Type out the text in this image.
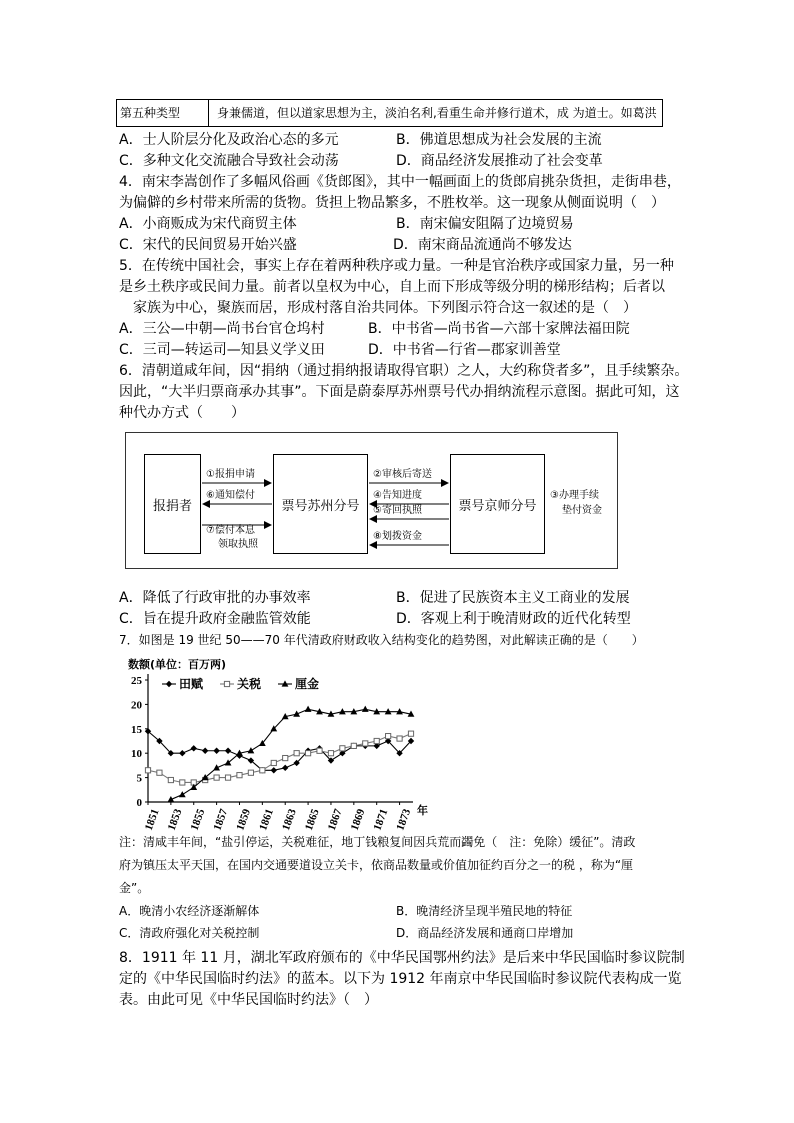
第五种类型	身兼儒道，但以道家思想为主，淡泊名利,看重生命并修行道术，成 为道士。如葛洪
A．士人阶层分化及政治心态的多元	B．佛道思想成为社会发展的主流
C．多种文化交流融合导致社会动荡	D．商品经济发展推动了社会变革
4．南宋李嵩创作了多幅风俗画《货郎图》，其中一幅画面上的货郎肩挑杂货担，走街串巷，
为偏僻的乡村带来所需的货物。货担上物品繁多，不胜枚举。这一现象从侧面说明（　）
A．小商贩成为宋代商贸主体	B．南宋偏安阻隔了边境贸易
C．宋代的民间贸易开始兴盛	D．南宋商品流通尚不够发达
5．在传统中国社会，事实上存在着两种秩序或力量。一种是官治秩序或国家力量，另一种
是乡土秩序或民间力量。前者以皇权为中心，自上而下形成等级分明的梯形结构；后者以
家族为中心，聚族而居，形成村落自治共同体。下列图示符合这一叙述的是（　）
A．三公—中朝—尚书台官仓坞村	B．中书省—尚书省—六部十家牌法福田院
C．三司—转运司—知县义学义田	D．中书省—行省—郡家训善堂
6．清朝道咸年间，因“捐纳（通过捐纳报请取得官职）之人，大约称贷者多”，且手续繁杂。
因此，“大半归票商承办其事”。下面是蔚泰厚苏州票号代办捐纳流程示意图。据此可知，这
种代办方式（　　）
报捐者	票号苏州分号	票号京师分号
①报捐申请
⑥通知偿付
⑦偿付本息
领取执照
②审核后寄送
④告知进度
⑤寄回执照
⑧划拨资金
③办理手续
垫付资金
A．降低了行政审批的办事效率	B．促进了民族资本主义工商业的发展
C．旨在提升政府金融监管效能	D．客观上利于晚清财政的近代化转型
7．如图是 19 世纪 50——70 年代清政府财政收入结构变化的趋势图，对此解读正确的是（　　）
0
5
10
15
20
25
1851 1853 1855 1857 1859 1861 1863 1865 1867 1869 1871 1873
数额(单位：百万两)
年
田赋	关税	厘金
注：清咸丰年间，“盐引停运，关税难征，地丁钱粮复间因兵荒而蠲免（　注：免除）缓征”。清政
府为镇压太平天国，在国内交通要道设立关卡，依商品数量或价值加征约百分之一的税 ，称为“厘
金”。
A．晚清小农经济逐渐解体	B．晚清经济呈现半殖民地的特征
C．清政府强化对关税控制	D．商品经济发展和通商口岸增加
8．1911 年 11 月，湖北军政府颁布的《中华民国鄂州约法》是后来中华民国临时参议院制
定的《中华民国临时约法》的蓝本。以下为 1912 年南京中华民国临时参议院代表构成一览
表。由此可见《中华民国临时约法》（　）
